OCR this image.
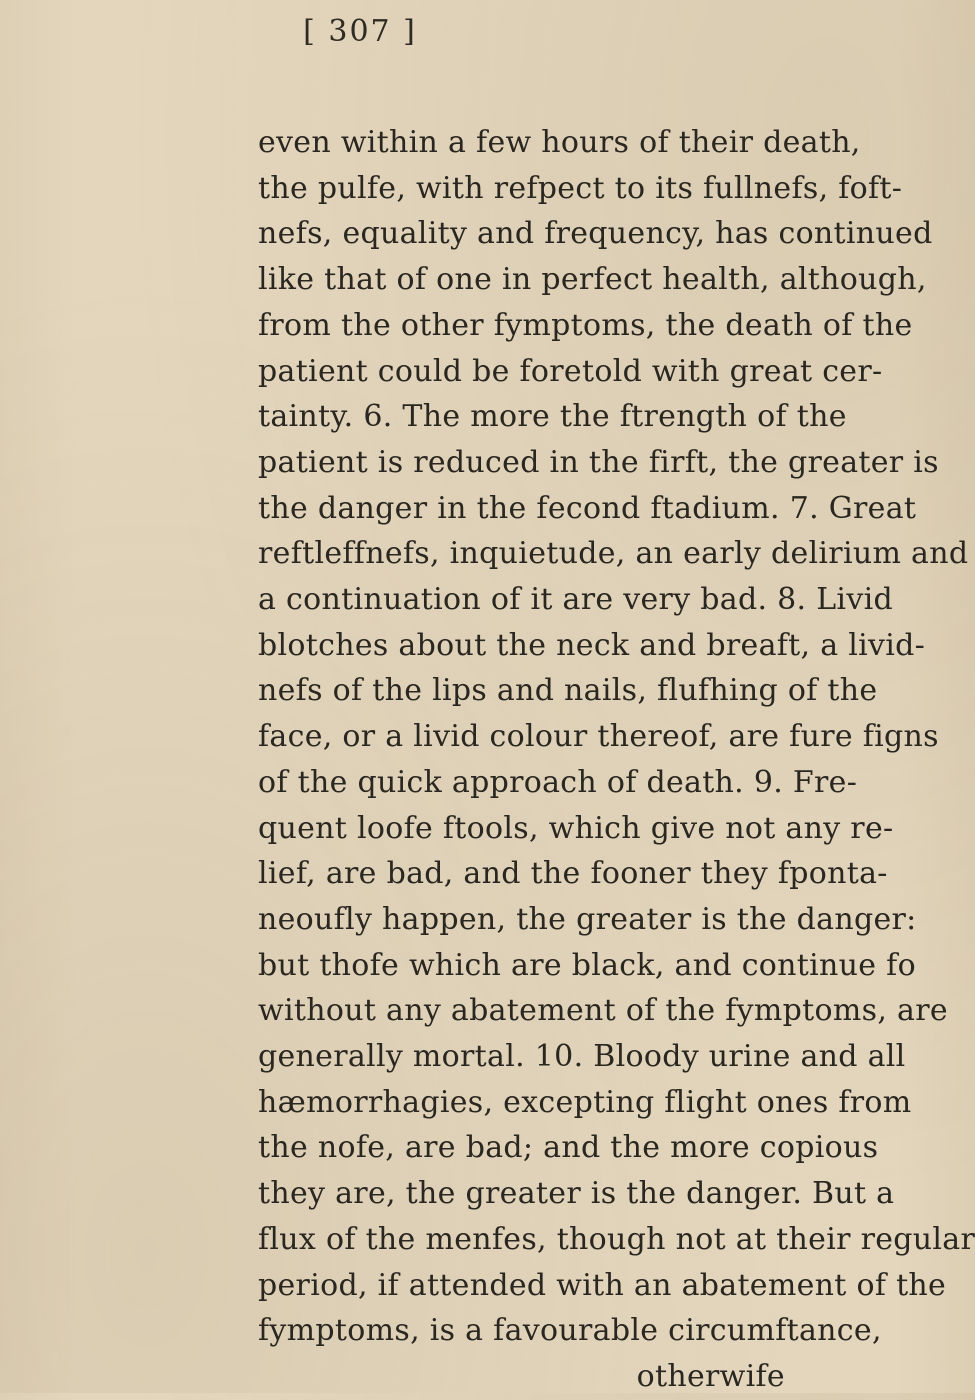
[ 307 ]
even within a few hours of their death,
the pulfe, with refpect to its fullnefs, foft-
nefs, equality and frequency, has continued
like that of one in perfect health, although,
from the other fymptoms, the death of the
patient could be foretold with great cer-
tainty. 6. The more the ftrength of the
patient is reduced in the firft, the greater is
the danger in the fecond ftadium. 7. Great
reftleffnefs, inquietude, an early delirium and
a continuation of it are very bad. 8. Livid
blotches about the neck and breaft, a livid-
nefs of the lips and nails, flufhing of the
face, or a livid colour thereof, are fure figns
of the quick approach of death. 9. Fre-
quent loofe ftools, which give not any re-
lief, are bad, and the fooner they fponta-
neoufly happen, the greater is the danger:
but thofe which are black, and continue fo
without any abatement of the fymptoms, are
generally mortal. 10. Bloody urine and all
hæmorrhagies, excepting flight ones from
the nofe, are bad; and the more copious
they are, the greater is the danger. But a
flux of the menfes, though not at their regular
period, if attended with an abatement of the
fymptoms, is a favourable circumftance,
otherwife
